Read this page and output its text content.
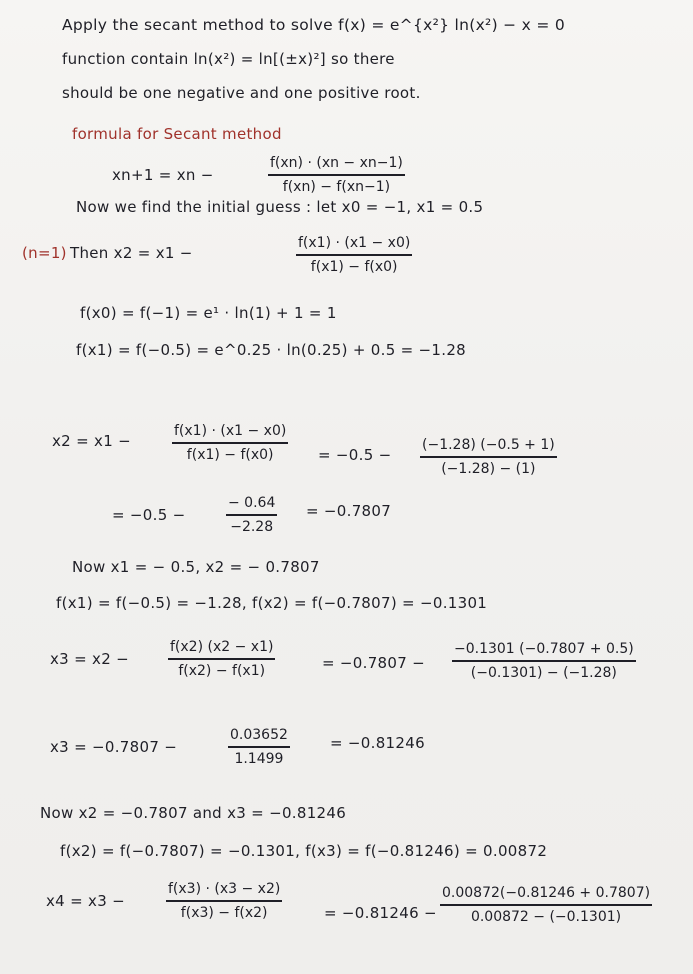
Apply the secant method to solve f(x) = e^{x²} ln(x²) − x = 0
function contain ln(x²) = ln[(±x)²] so there
should be one negative and one positive root.
formula for Secant method
xn+1 = xn −
f(xn) · (xn − xn−1)
f(xn) − f(xn−1)
Now we find the initial guess : let x0 = −1, x1 = 0.5
(n=1) Then x2 = x1 −
f(x1) · (x1 − x0)
f(x1) − f(x0)
f(x0) = f(−1) = e¹ · ln(1) + 1 = 1
f(x1) = f(−0.5) = e^0.25 · ln(0.25) + 0.5 = −1.28
x2 = x1 −
f(x1) · (x1 − x0)
f(x1) − f(x0)	= −0.5 −
(−1.28) (−0.5 + 1)
(−1.28) − (1)
= −0.5 −
− 0.64
−2.28
= −0.7807
Now x1 = − 0.5, x2 = − 0.7807
f(x1) = f(−0.5) = −1.28, f(x2) = f(−0.7807) = −0.1301
x3 = x2 −
f(x2) (x2 − x1)
f(x2) − f(x1)	= −0.7807 −
−0.1301 (−0.7807 + 0.5)
(−0.1301) − (−1.28)
x3 = −0.7807 −
0.03652
1.1499
= −0.81246
Now x2 = −0.7807 and x3 = −0.81246
f(x2) = f(−0.7807) = −0.1301, f(x3) = f(−0.81246) = 0.00872
x4 = x3 −
f(x3) · (x3 − x2)
f(x3) − f(x2)	= −0.81246 −
0.00872(−0.81246 + 0.7807)
0.00872 − (−0.1301)
